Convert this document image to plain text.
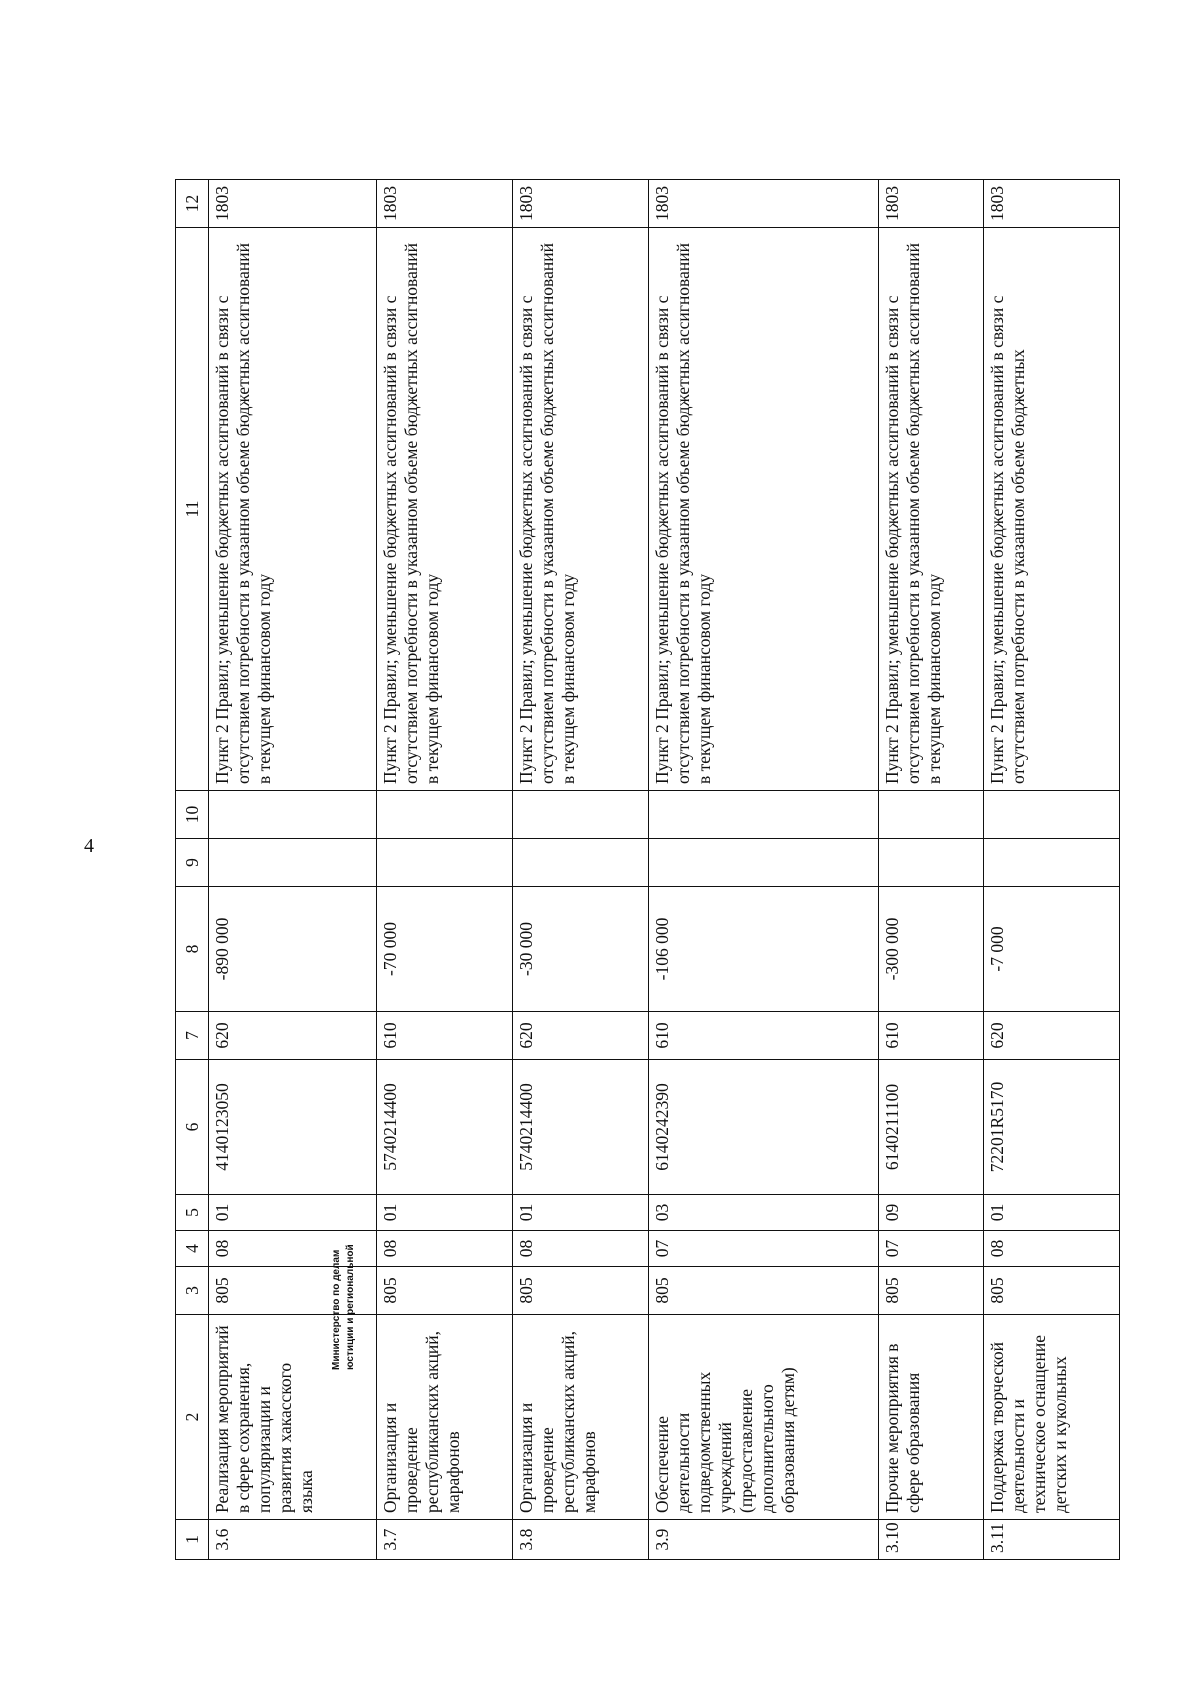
4
1	2	3	4	5	6	7	8	9	10	11	12
3.6	Реализация мероприятий в сфере сохранения, популяризации и развития хакасского языка	805	08	01	4140123050	620	-890 000			Пункт 2 Правил; уменьшение бюджетных ассигнований в связи с отсутствием потребности в указанном объеме бюджетных ассигнований в текущем финансовом году	1803
3.7	Организация и проведение республиканских акций, марафонов	805	08	01	5740214400	610	-70 000			Пункт 2 Правил; уменьшение бюджетных ассигнований в связи с отсутствием потребности в указанном объеме бюджетных ассигнований в текущем финансовом году	1803
3.8	Организация и проведение республиканских акций, марафонов	805	08	01	5740214400	620	-30 000			Пункт 2 Правил; уменьшение бюджетных ассигнований в связи с отсутствием потребности в указанном объеме бюджетных ассигнований в текущем финансовом году	1803
3.9	Обеспечение деятельности подведомственных учреждений (предоставление дополнительного образования детям)	805	07	03	6140242390	610	-106 000			Пункт 2 Правил; уменьшение бюджетных ассигнований в связи с отсутствием потребности в указанном объеме бюджетных ассигнований в текущем финансовом году	1803
3.10	Прочие мероприятия в сфере образования	805	07	09	6140211100	610	-300 000			Пункт 2 Правил; уменьшение бюджетных ассигнований в связи с отсутствием потребности в указанном объеме бюджетных ассигнований в текущем финансовом году	1803
3.11	Поддержка творческой деятельности и техническое оснащение детских и кукольных	805	08	01	72201R5170	620	-7 000			Пункт 2 Правил; уменьшение бюджетных ассигнований в связи с отсутствием потребности в указанном объеме бюджетных	1803
Министерство по делам юстиции и региональной
